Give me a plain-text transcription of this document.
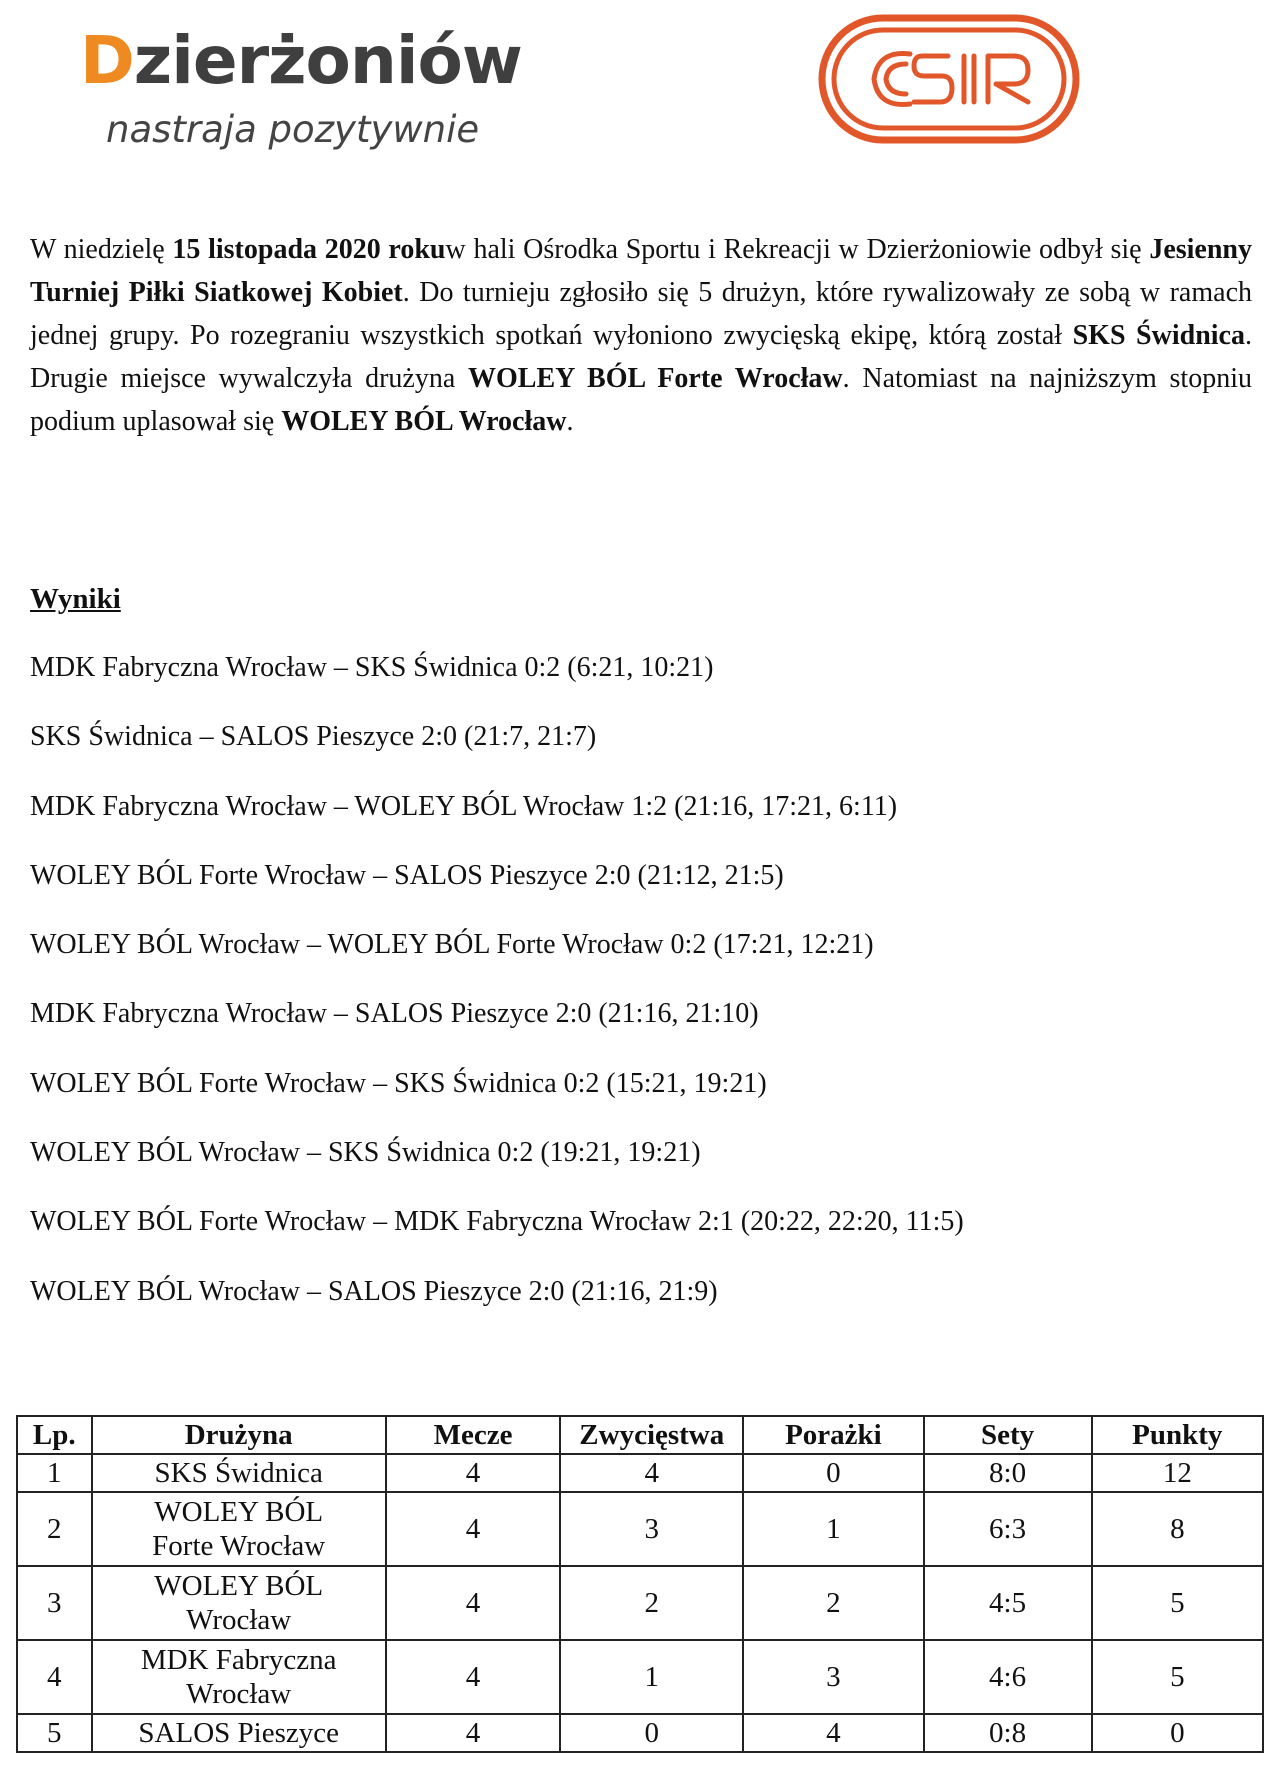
Dzierżoniów
nastraja pozytywnie

W niedzielę 15 listopada 2020 rokuw hali Ośrodka Sportu i Rekreacji w Dzierżoniowie odbył się Jesienny Turniej Piłki Siatkowej Kobiet. Do turnieju zgłosiło się 5 drużyn, które rywalizowały ze sobą w ramach jednej grupy. Po rozegraniu wszystkich spotkań wyłoniono zwycięską ekipę, którą został SKS Świdnica. Drugie miejsce wywalczyła drużyna WOLEY BÓL Forte Wrocław. Natomiast na najniższym stopniu podium uplasował się WOLEY BÓL Wrocław.

Wyniki
MDK Fabryczna Wrocław – SKS Świdnica 0:2 (6:21, 10:21)
SKS Świdnica – SALOS Pieszyce 2:0 (21:7, 21:7)
MDK Fabryczna Wrocław – WOLEY BÓL Wrocław 1:2 (21:16, 17:21, 6:11)
WOLEY BÓL Forte Wrocław – SALOS Pieszyce 2:0 (21:12, 21:5)
WOLEY BÓL Wrocław – WOLEY BÓL Forte Wrocław 0:2 (17:21, 12:21)
MDK Fabryczna Wrocław – SALOS Pieszyce 2:0 (21:16, 21:10)
WOLEY BÓL Forte Wrocław – SKS Świdnica 0:2 (15:21, 19:21)
WOLEY BÓL Wrocław – SKS Świdnica 0:2 (19:21, 19:21)
WOLEY BÓL Forte Wrocław – MDK Fabryczna Wrocław 2:1 (20:22, 22:20, 11:5)
WOLEY BÓL Wrocław – SALOS Pieszyce 2:0 (21:16, 21:9)
Lp.	Drużyna	Mecze	Zwycięstwa	Porażki	Sety	Punkty
1	SKS Świdnica	4	4	0	8:0	12
2	WOLEY BÓL
Forte Wrocław	4	3	1	6:3	8
3	WOLEY BÓL
Wrocław	4	2	2	4:5	5
4	MDK Fabryczna
Wrocław	4	1	3	4:6	5
5	SALOS Pieszyce	4	0	4	0:8	0
